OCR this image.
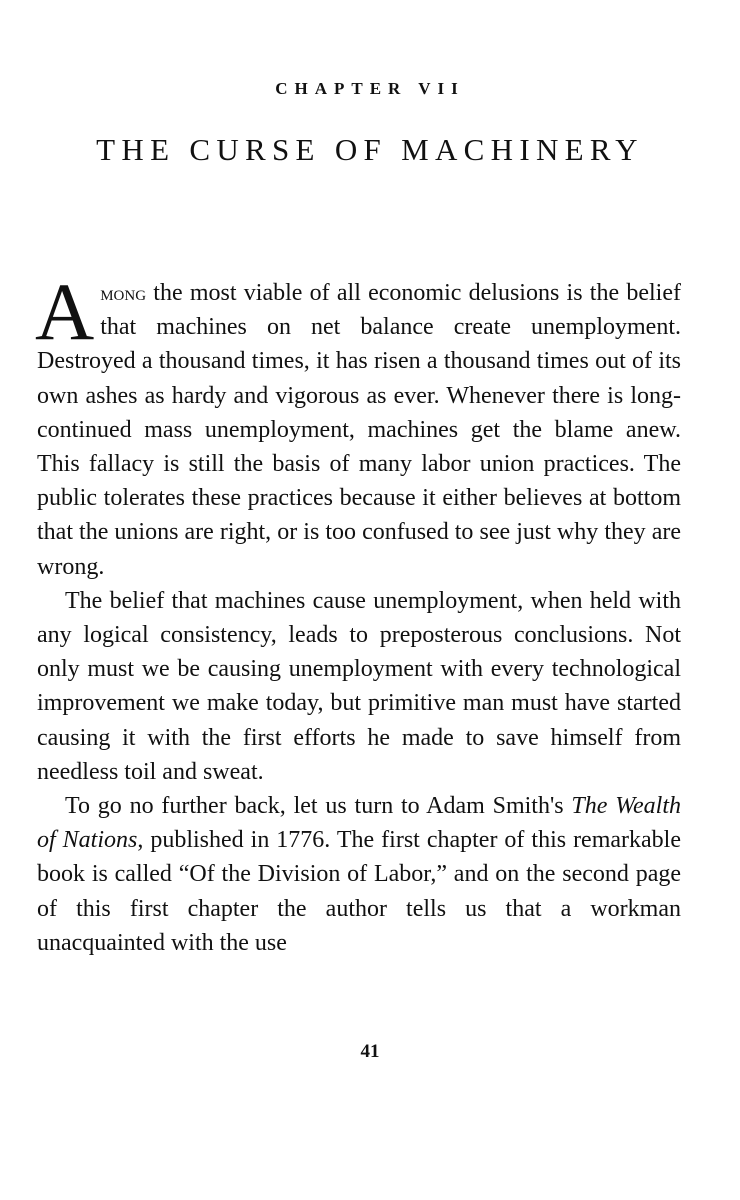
CHAPTER VII
THE CURSE OF MACHINERY

Among the most viable of all economic delusions is the belief that machines on net balance create unemployment. Destroyed a thousand times, it has risen a thousand times out of its own ashes as hardy and vigorous as ever. Whenever there is long-continued mass unemployment, machines get the blame anew. This fallacy is still the basis of many labor union practices. The public tolerates these practices because it either believes at bottom that the unions are right, or is too confused to see just why they are wrong.

The belief that machines cause unemployment, when held with any logical consistency, leads to preposterous conclusions. Not only must we be causing unemployment with every technological improvement we make today, but primitive man must have started causing it with the first efforts he made to save himself from needless toil and sweat.

To go no further back, let us turn to Adam Smith's The Wealth of Nations, published in 1776. The first chapter of this remarkable book is called “Of the Division of Labor,” and on the second page of this first chapter the author tells us that a workman unacquainted with the use

41
